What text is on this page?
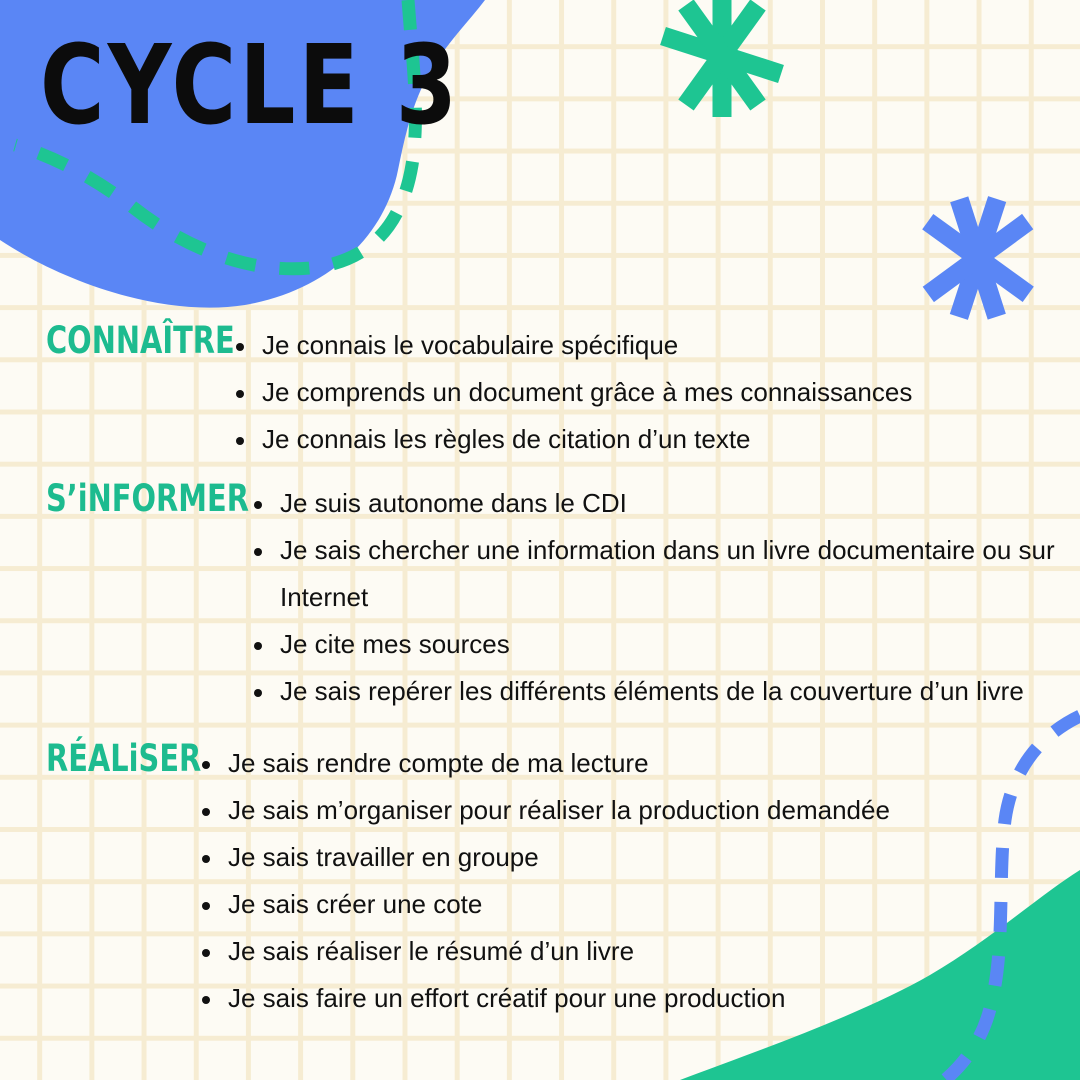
CYCLE 3
CONNAÎTRE	Je connais le vocabulaire spécifique
Je comprends un document grâce à mes connaissances
Je connais les règles de citation d’un texte
S’iNFORMER	Je suis autonome dans le CDI
Je sais chercher une information dans un livre documentaire ou sur Internet
Je cite mes sources
Je sais repérer les différents éléments de la couverture d’un livre
RÉALiSER	Je sais rendre compte de ma lecture
Je sais m’organiser pour réaliser la production demandée
Je sais travailler en groupe
Je sais créer une cote
Je sais réaliser le résumé d’un livre
Je sais faire un effort créatif pour une production
